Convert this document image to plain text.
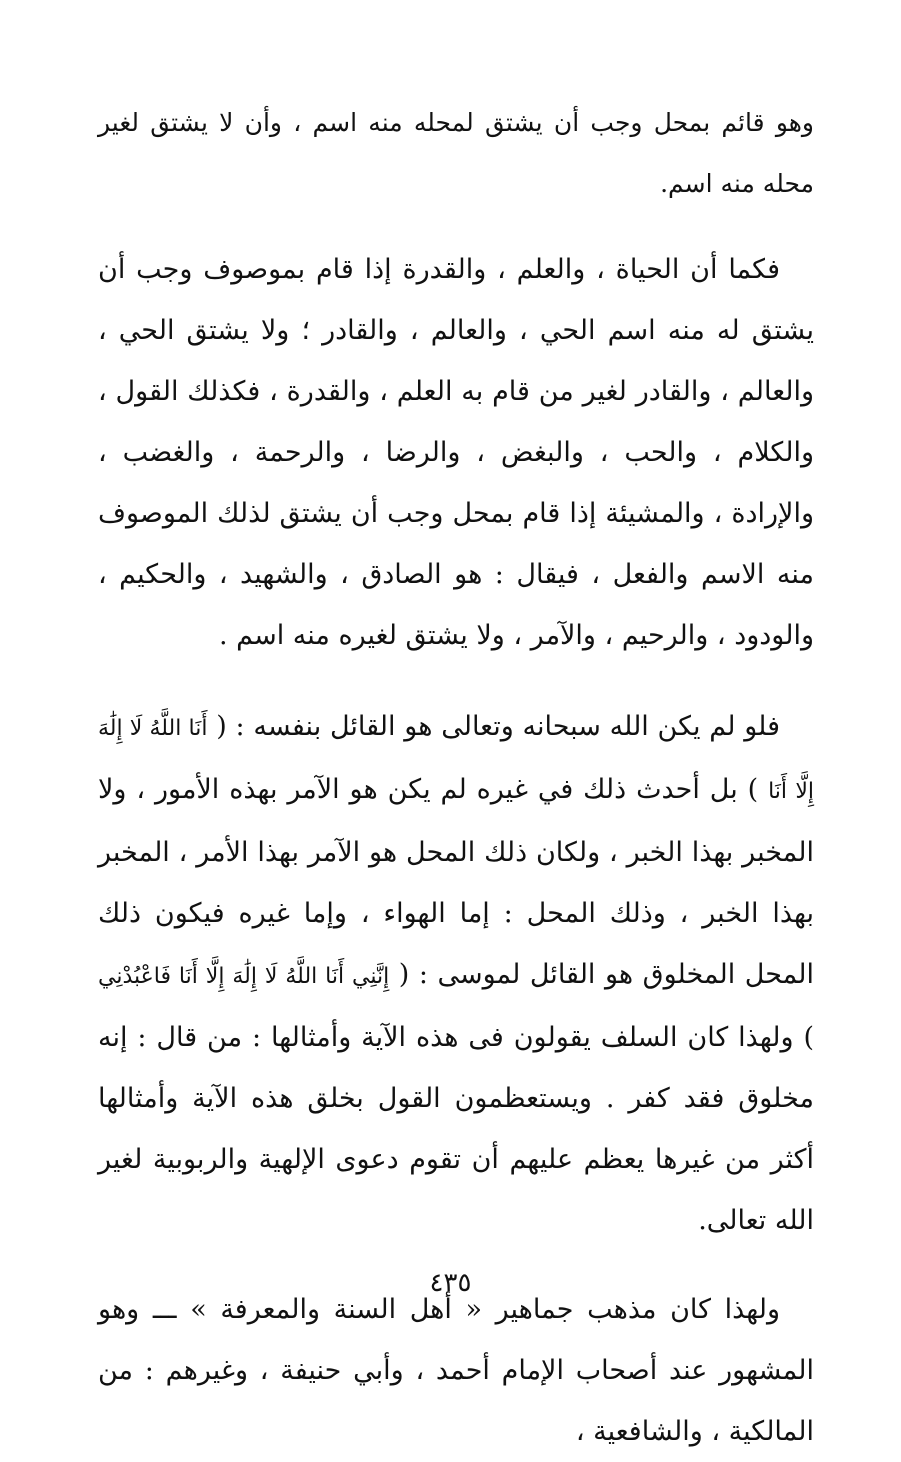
وهو قائم بمحل وجب أن يشتق لمحله منه اسم ، وأن لا يشتق لغير محله منه اسم.

فكما أن الحياة ، والعلم ، والقدرة إذا قام بموصوف وجب أن يشتق له منه اسم الحي ، والعالم ، والقادر ؛ ولا يشتق الحي ، والعالم ، والقادر لغير من قام به العلم ، والقدرة ، فكذلك القول ، والكلام ، والحب ، والبغض ، والرضا ، والرحمة ، والغضب ، والإرادة ، والمشيئة إذا قام بمحل وجب أن يشتق لذلك الموصوف منه الاسم والفعل ، فيقال : هو الصادق ، والشهيد ، والحكيم ، والودود ، والرحيم ، والآمر ، ولا يشتق لغيره منه اسم .

فلو لم يكن الله سبحانه وتعالى هو القائل بنفسه : ( أَنَا اللَّهُ لَا إِلَٰهَ إِلَّا أَنَا ) بل أحدث ذلك في غيره لم يكن هو الآمر بهذه الأمور ، ولا المخبر بهذا الخبر ، ولكان ذلك المحل هو الآمر بهذا الأمر ، المخبر بهذا الخبر ، وذلك المحل : إما الهواء ، وإما غيره فيكون ذلك المحل المخلوق هو القائل لموسى : ( إِنَّنِي أَنَا اللَّهُ لَا إِلَٰهَ إِلَّا أَنَا فَاعْبُدْنِي ) ولهذا كان السلف يقولون فى هذه الآية وأمثالها : من قال : إنه مخلوق فقد كفر . ويستعظمون القول بخلق هذه الآية وأمثالها أكثر من غيرها يعظم عليهم أن تقوم دعوى الإلهية والربوبية لغير الله تعالى.

ولهذا كان مذهب جماهير « أهل السنة والمعرفة » ـــ وهو المشهور عند أصحاب الإمام أحمد ، وأبي حنيفة ، وغيرهم : من المالكية ، والشافعية ،

٤٣٥
